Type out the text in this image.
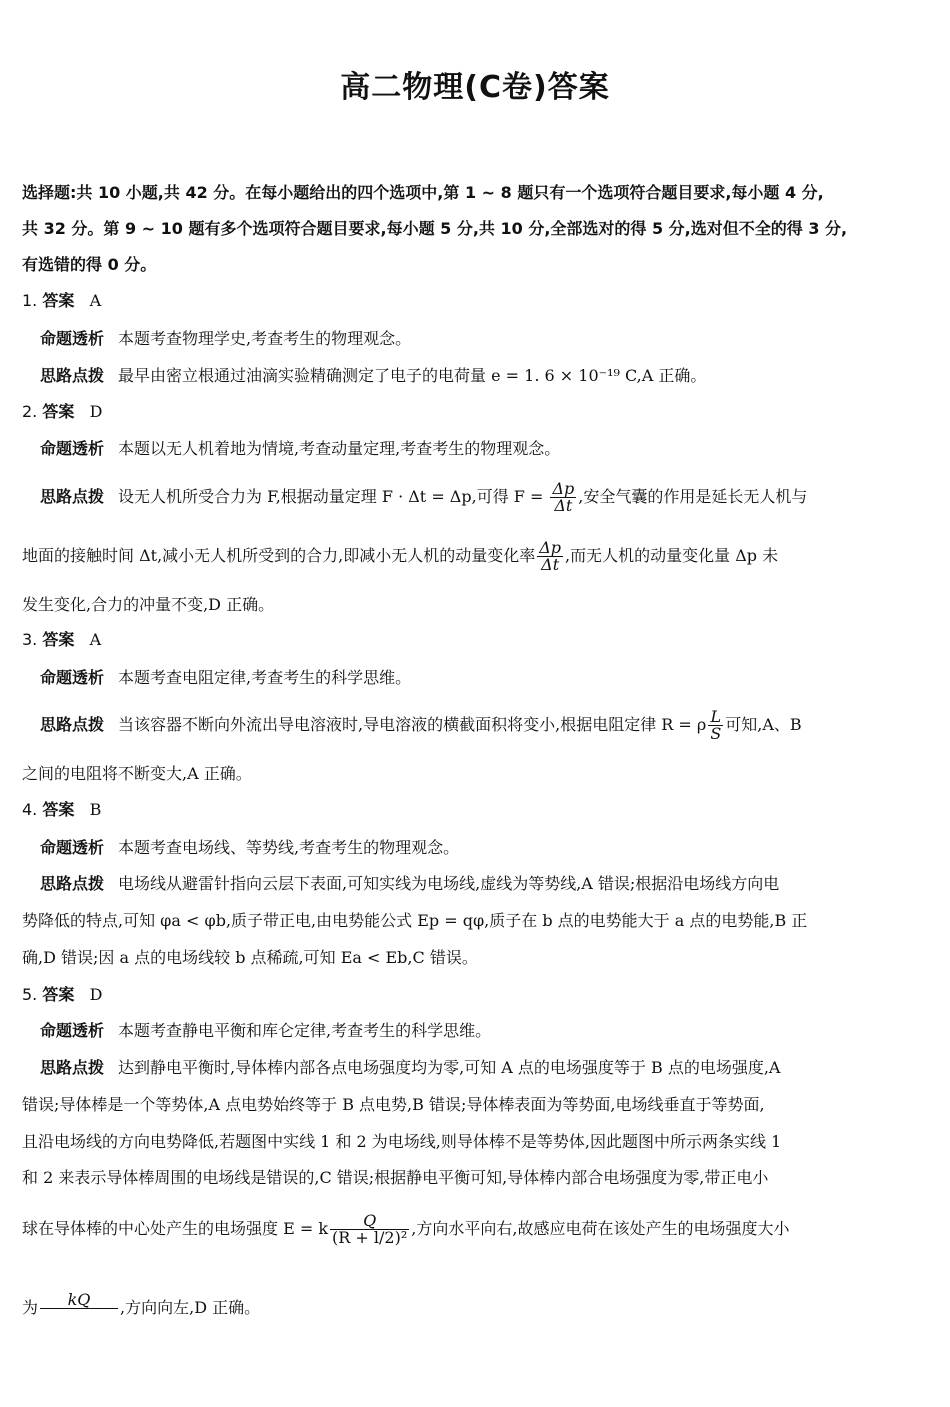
高二物理(C卷)答案
选择题:共 10 小题,共 42 分。在每小题给出的四个选项中,第 1 ~ 8 题只有一个选项符合题目要求,每小题 4 分,
共 32 分。第 9 ~ 10 题有多个选项符合题目要求,每小题 5 分,共 10 分,全部选对的得 5 分,选对但不全的得 3 分,
有选错的得 0 分。
1. 答案 A
命题透析 本题考查物理学史,考查考生的物理观念。
思路点拨 最早由密立根通过油滴实验精确测定了电子的电荷量 e = 1. 6 × 10⁻¹⁹ C,A 正确。
2. 答案 D
命题透析 本题以无人机着地为情境,考查动量定理,考查考生的物理观念。
思路点拨 设无人机所受合力为 F,根据动量定理 F · Δt = Δp,可得 $F = \frac{\Delta p}{\Delta t}$ ,安全气囊的作用是延长无人机与
地面的接触时间 Δt,减小无人机所受到的合力,即减小无人机的动量变化率 $\frac{\Delta p}{\Delta t}$ ,而无人机的动量变化量 Δp 未
发生变化,合力的冲量不变,D 正确。
3. 答案 A
命题透析 本题考查电阻定律,考查考生的科学思维。
思路点拨 当该容器不断向外流出导电溶液时,导电溶液的横截面积将变小,根据电阻定律 R = ρ $\frac{L}{S}$ 可知,A、B
之间的电阻将不断变大,A 正确。
4. 答案 B
命题透析 本题考查电场线、等势线,考查考生的物理观念。
思路点拨 电场线从避雷针指向云层下表面,可知实线为电场线,虚线为等势线,A 错误;根据沿电场线方向电
势降低的特点,可知 φa < φb,质子带正电,由电势能公式 Ep = qφ,质子在 b 点的电势能大于 a 点的电势能,B 正
确,D 错误;因 a 点的电场线较 b 点稀疏,可知 Ea < Eb,C 错误。
5. 答案 D
命题透析 本题考查静电平衡和库仑定律,考查考生的科学思维。
思路点拨 达到静电平衡时,导体棒内部各点电场强度均为零,可知 A 点的电场强度等于 B 点的电场强度,A
错误;导体棒是一个等势体,A 点电势始终等于 B 点电势,B 错误;导体棒表面为等势面,电场线垂直于等势面,
且沿电场线的方向电势降低,若题图中实线 1 和 2 为电场线,则导体棒不是等势体,因此题图中所示两条实线 1
和 2 来表示导体棒周围的电场线是错误的,C 错误;根据静电平衡可知,导体棒内部合电场强度为零,带正电小
球在导体棒的中心处产生的电场强度 E = k $\frac{Q}{\text{(R + l/2)²}}$ ,方向水平向右,故感应电荷在该处产生的电场强度大小
为	kQ
	,方向向左,D 正确。
